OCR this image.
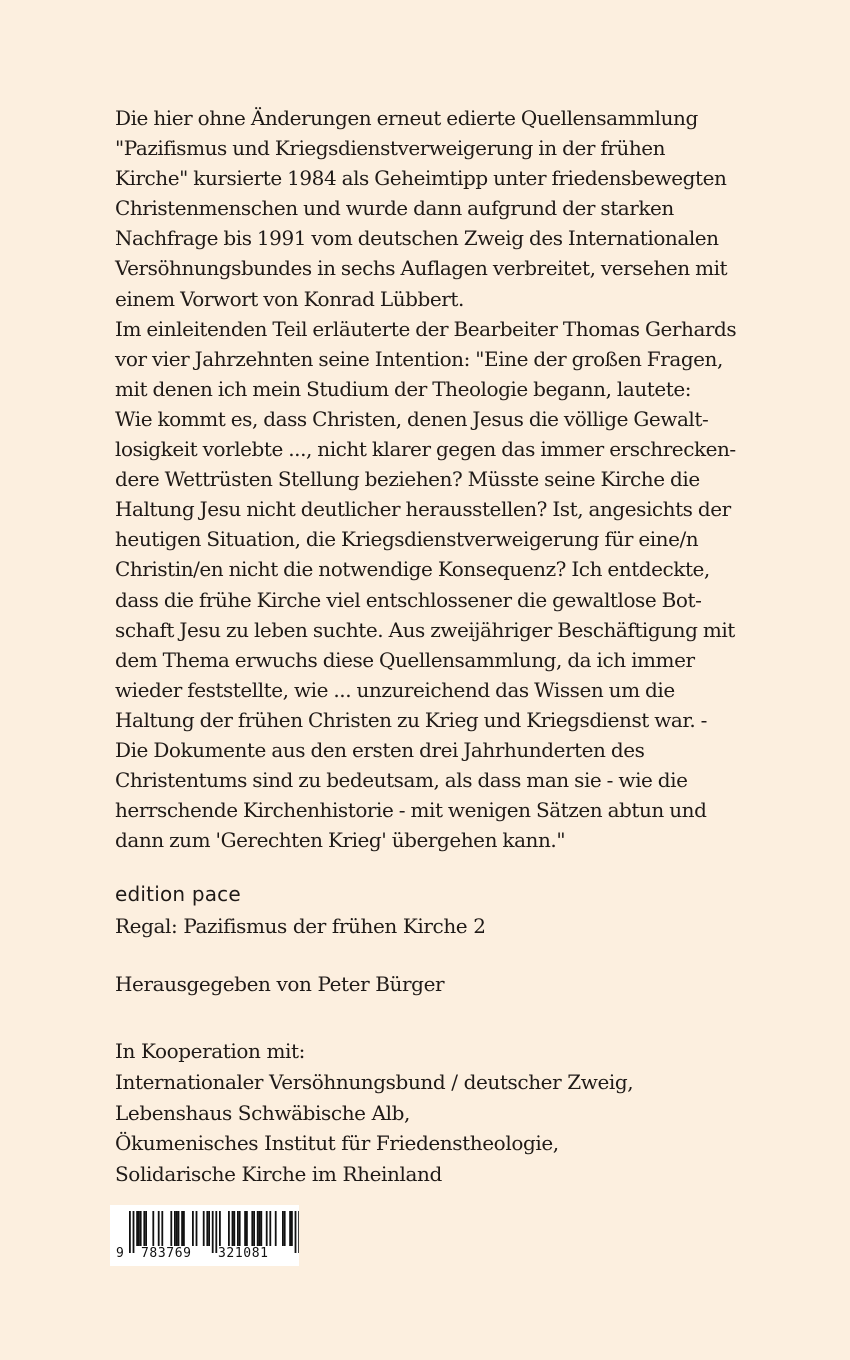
Die hier ohne Änderungen erneut edierte Quellensammlung
"Pazifismus und Kriegsdienstverweigerung in der frühen
Kirche" kursierte 1984 als Geheimtipp unter friedensbewegten
Christenmenschen und wurde dann aufgrund der starken
Nachfrage bis 1991 vom deutschen Zweig des Internationalen
Versöhnungsbundes in sechs Auflagen verbreitet, versehen mit
einem Vorwort von Konrad Lübbert.
Im einleitenden Teil erläuterte der Bearbeiter Thomas Gerhards
vor vier Jahrzehnten seine Intention: "Eine der großen Fragen,
mit denen ich mein Studium der Theologie begann, lautete:
Wie kommt es, dass Christen, denen Jesus die völlige Gewalt-
losigkeit vorlebte ..., nicht klarer gegen das immer erschrecken-
dere Wettrüsten Stellung beziehen? Müsste seine Kirche die
Haltung Jesu nicht deutlicher herausstellen? Ist, angesichts der
heutigen Situation, die Kriegsdienstverweigerung für eine/n
Christin/en nicht die notwendige Konsequenz? Ich entdeckte,
dass die frühe Kirche viel entschlossener die gewaltlose Bot-
schaft Jesu zu leben suchte. Aus zweijähriger Beschäftigung mit
dem Thema erwuchs diese Quellensammlung, da ich immer
wieder feststellte, wie ... unzureichend das Wissen um die
Haltung der frühen Christen zu Krieg und Kriegsdienst war. -
Die Dokumente aus den ersten drei Jahrhunderten des
Christentums sind zu bedeutsam, als dass man sie - wie die
herrschende Kirchenhistorie - mit wenigen Sätzen abtun und
dann zum 'Gerechten Krieg' übergehen kann."
edition pace
Regal: Pazifismus der frühen Kirche 2
Herausgegeben von Peter Bürger
In Kooperation mit:
Internationaler Versöhnungsbund / deutscher Zweig,
Lebenshaus Schwäbische Alb,
Ökumenisches Institut für Friedenstheologie,
Solidarische Kirche im Rheinland
9 783769 321081
